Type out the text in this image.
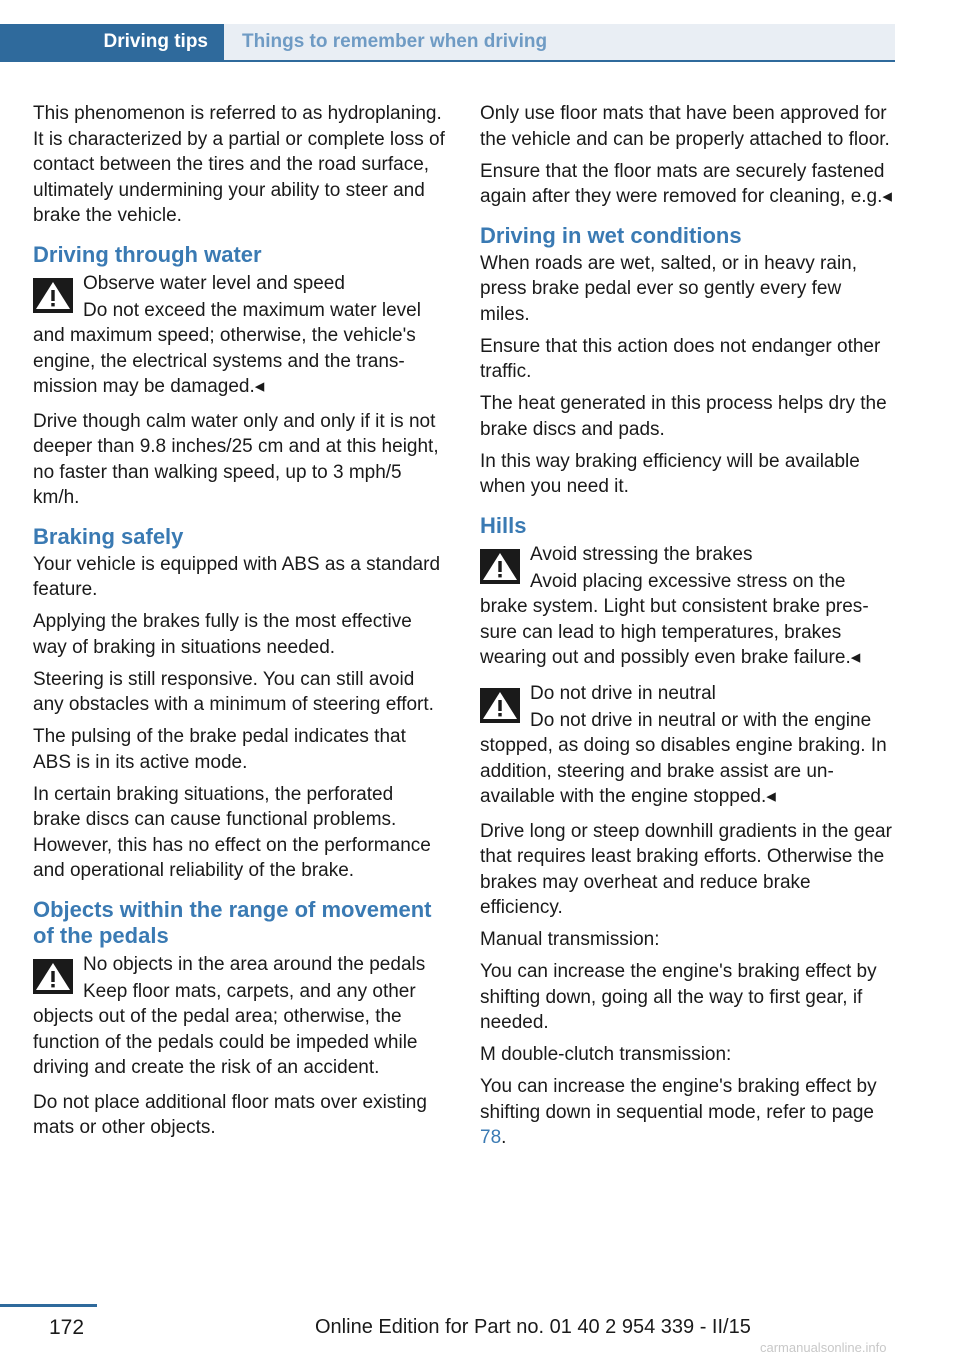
Driving tips	Things to remember when driving

This phenomenon is referred to as hydroplaning. It is characterized by a partial or complete loss of contact between the tires and the road surface, ultimately undermining your ability to steer and brake the vehicle.

Driving through water
Observe water level and speed
Do not exceed the maximum water level and maximum speed; otherwise, the vehicle's engine, the electrical systems and the transmission may be damaged.◂

Drive though calm water only and only if it is not deeper than 9.8 inches/25 cm and at this height, no faster than walking speed, up to 3 mph/5 km/h.

Braking safely

Your vehicle is equipped with ABS as a standard feature.

Applying the brakes fully is the most effective way of braking in situations needed.

Steering is still responsive. You can still avoid any obstacles with a minimum of steering effort.

The pulsing of the brake pedal indicates that ABS is in its active mode.

In certain braking situations, the perforated brake discs can cause functional problems. However, this has no effect on the performance and operational reliability of the brake.

Objects within the range of movement of the pedals
No objects in the area around the pedals
Keep floor mats, carpets, and any other objects out of the pedal area; otherwise, the function of the pedals could be impeded while driving and create the risk of an accident.

Do not place additional floor mats over existing mats or other objects.

Only use floor mats that have been approved for the vehicle and can be properly attached to floor.

Ensure that the floor mats are securely fastened again after they were removed for cleaning, e.g.◂

Driving in wet conditions

When roads are wet, salted, or in heavy rain, press brake pedal ever so gently every few miles.

Ensure that this action does not endanger other traffic.

The heat generated in this process helps dry the brake discs and pads.

In this way braking efficiency will be available when you need it.

Hills
Avoid stressing the brakes
Avoid placing excessive stress on the brake system. Light but consistent brake pressure can lead to high temperatures, brakes wearing out and possibly even brake failure.◂
Do not drive in neutral
Do not drive in neutral or with the engine stopped, as doing so disables engine braking. In addition, steering and brake assist are unavailable with the engine stopped.◂

Drive long or steep downhill gradients in the gear that requires least braking efforts. Otherwise the brakes may overheat and reduce brake efficiency.

Manual transmission:

You can increase the engine's braking effect by shifting down, going all the way to first gear, if needed.

M double-clutch transmission:

You can increase the engine's braking effect by shifting down in sequential mode, refer to page 78.

172	Online Edition for Part no. 01 40 2 954 339 - II/15
carmanualsonline.info
